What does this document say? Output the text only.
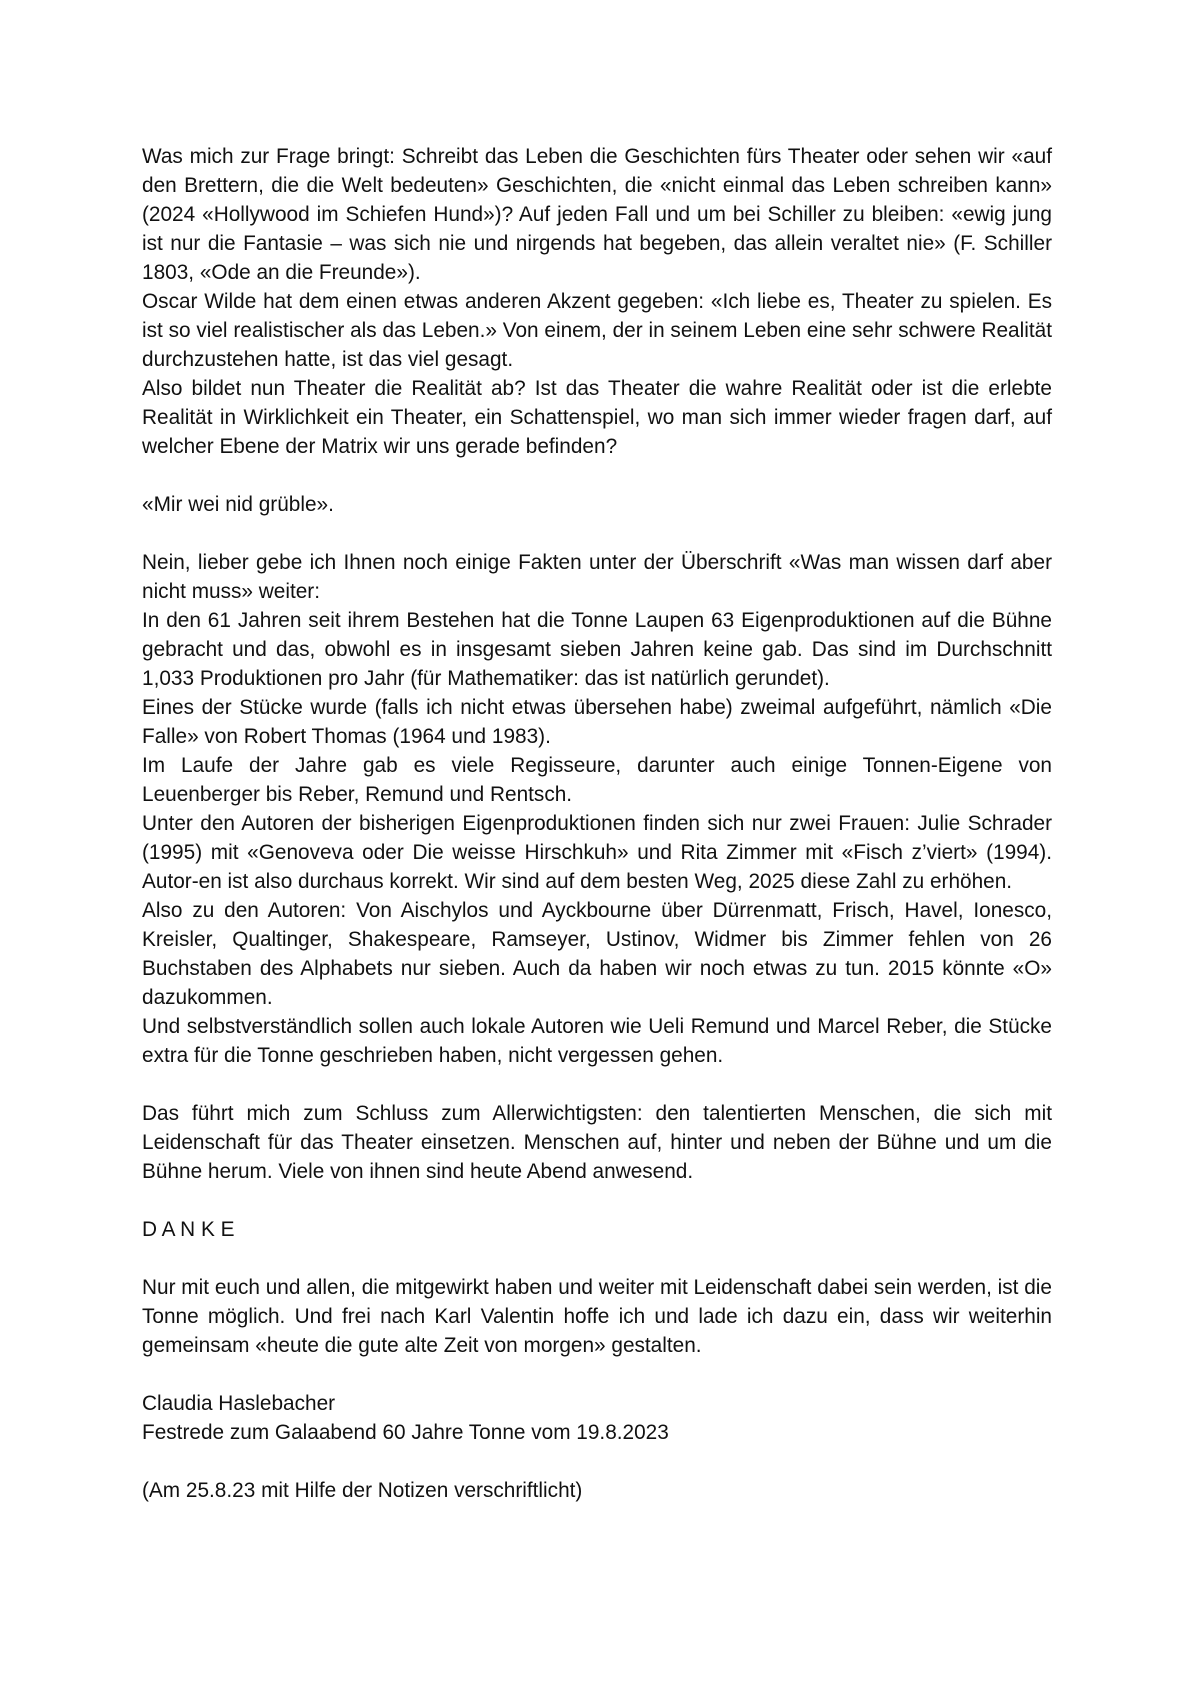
Was mich zur Frage bringt: Schreibt das Leben die Geschichten fürs Theater oder sehen wir «auf den Brettern, die die Welt bedeuten» Geschichten, die «nicht einmal das Leben schreiben kann» (2024 «Hollywood im Schiefen Hund»)? Auf jeden Fall und um bei Schiller zu bleiben: «ewig jung ist nur die Fantasie – was sich nie und nirgends hat begeben, das allein veraltet nie» (F. Schiller 1803, «Ode an die Freunde»).
Oscar Wilde hat dem einen etwas anderen Akzent gegeben: «Ich liebe es, Theater zu spielen. Es ist so viel realistischer als das Leben.» Von einem, der in seinem Leben eine sehr schwere Realität durchzustehen hatte, ist das viel gesagt.
Also bildet nun Theater die Realität ab? Ist das Theater die wahre Realität oder ist die erlebte Realität in Wirklichkeit ein Theater, ein Schattenspiel, wo man sich immer wieder fragen darf, auf welcher Ebene der Matrix wir uns gerade befinden?
«Mir wei nid grüble».
Nein, lieber gebe ich Ihnen noch einige Fakten unter der Überschrift «Was man wissen darf aber nicht muss» weiter:
In den 61 Jahren seit ihrem Bestehen hat die Tonne Laupen 63 Eigenproduktionen auf die Bühne gebracht und das, obwohl es in insgesamt sieben Jahren keine gab. Das sind im Durchschnitt 1,033 Produktionen pro Jahr (für Mathematiker: das ist natürlich gerundet).
Eines der Stücke wurde (falls ich nicht etwas übersehen habe) zweimal aufgeführt, nämlich «Die Falle» von Robert Thomas (1964 und 1983).
Im Laufe der Jahre gab es viele Regisseure, darunter auch einige Tonnen-Eigene von Leuenberger bis Reber, Remund und Rentsch.
Unter den Autoren der bisherigen Eigenproduktionen finden sich nur zwei Frauen: Julie Schrader (1995) mit «Genoveva oder Die weisse Hirschkuh» und Rita Zimmer mit «Fisch z’viert» (1994). Autor-en ist also durchaus korrekt. Wir sind auf dem besten Weg, 2025 diese Zahl zu erhöhen.
Also zu den Autoren: Von Aischylos und Ayckbourne über Dürrenmatt, Frisch, Havel, Ionesco, Kreisler, Qualtinger, Shakespeare, Ramseyer, Ustinov, Widmer bis Zimmer fehlen von 26 Buchstaben des Alphabets nur sieben. Auch da haben wir noch etwas zu tun. 2015 könnte «O» dazukommen.
Und selbstverständlich sollen auch lokale Autoren wie Ueli Remund und Marcel Reber, die Stücke extra für die Tonne geschrieben haben, nicht vergessen gehen.
Das führt mich zum Schluss zum Allerwichtigsten: den talentierten Menschen, die sich mit Leidenschaft für das Theater einsetzen. Menschen auf, hinter und neben der Bühne und um die Bühne herum. Viele von ihnen sind heute Abend anwesend.
D A N K E
Nur mit euch und allen, die mitgewirkt haben und weiter mit Leidenschaft dabei sein werden, ist die Tonne möglich. Und frei nach Karl Valentin hoffe ich und lade ich dazu ein, dass wir weiterhin gemeinsam «heute die gute alte Zeit von morgen» gestalten.
Claudia Haslebacher
Festrede zum Galaabend 60 Jahre Tonne vom 19.8.2023
(Am 25.8.23 mit Hilfe der Notizen verschriftlicht)
